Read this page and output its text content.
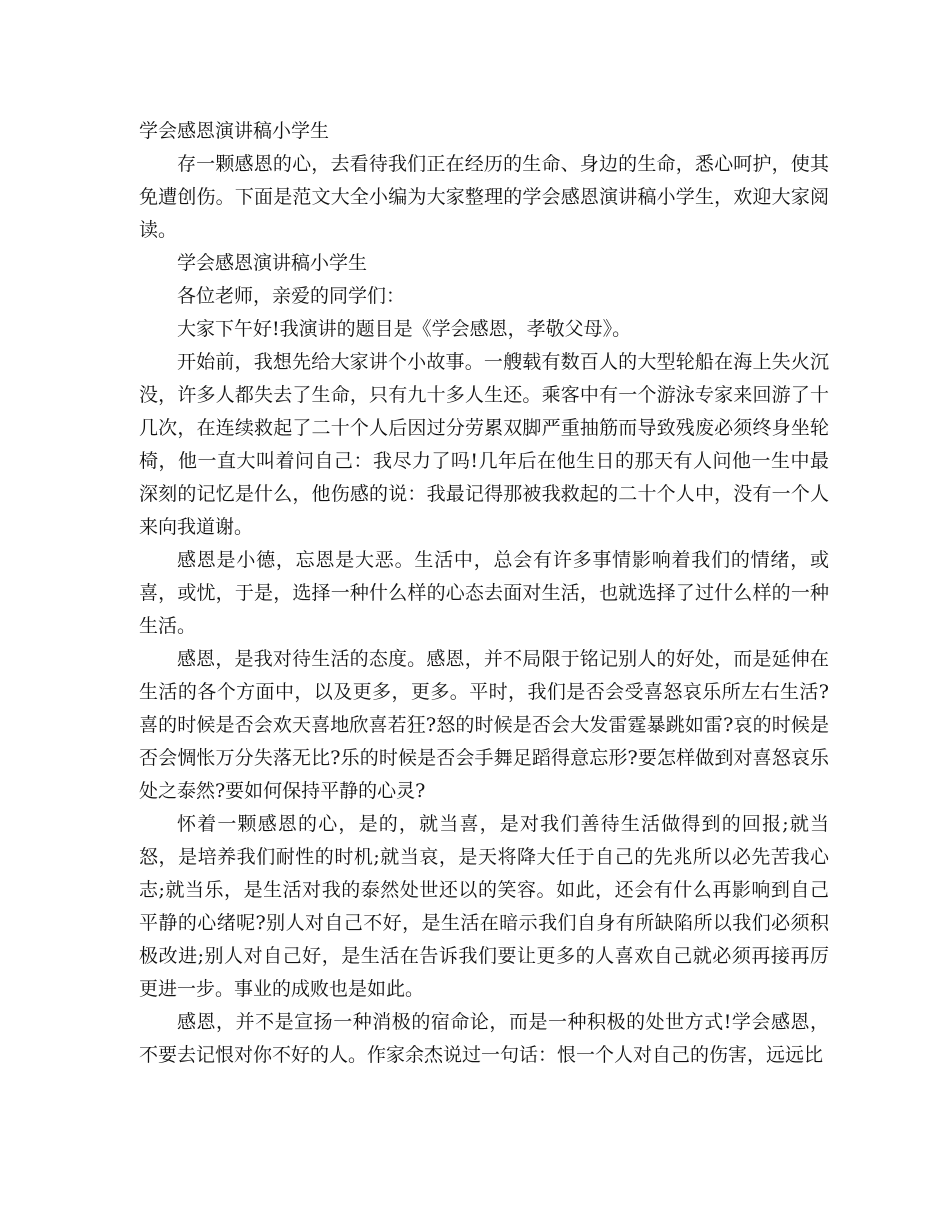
学会感恩演讲稿小学生

存一颗感恩的心，去看待我们正在经历的生命、身边的生命，悉心呵护，使其免遭创伤。下面是范文大全小编为大家整理的学会感恩演讲稿小学生，欢迎大家阅读。

学会感恩演讲稿小学生

各位老师，亲爱的同学们：

大家下午好!我演讲的题目是《学会感恩，孝敬父母》。

开始前，我想先给大家讲个小故事。一艘载有数百人的大型轮船在海上失火沉没，许多人都失去了生命，只有九十多人生还。乘客中有一个游泳专家来回游了十几次，在连续救起了二十个人后因过分劳累双脚严重抽筋而导致残废必须终身坐轮椅，他一直大叫着问自己：我尽力了吗!几年后在他生日的那天有人问他一生中最深刻的记忆是什么，他伤感的说：我最记得那被我救起的二十个人中，没有一个人来向我道谢。

感恩是小德，忘恩是大恶。生活中，总会有许多事情影响着我们的情绪，或喜，或忧，于是，选择一种什么样的心态去面对生活，也就选择了过什么样的一种生活。

感恩，是我对待生活的态度。感恩，并不局限于铭记别人的好处，而是延伸在生活的各个方面中，以及更多，更多。平时，我们是否会受喜怒哀乐所左右生活?喜的时候是否会欢天喜地欣喜若狂?怒的时候是否会大发雷霆暴跳如雷?哀的时候是否会惆怅万分失落无比?乐的时候是否会手舞足蹈得意忘形?要怎样做到对喜怒哀乐处之泰然?要如何保持平静的心灵?

怀着一颗感恩的心，是的，就当喜，是对我们善待生活做得到的回报;就当怒，是培养我们耐性的时机;就当哀，是天将降大任于自己的先兆所以必先苦我心志;就当乐，是生活对我的泰然处世还以的笑容。如此，还会有什么再影响到自己平静的心绪呢?别人对自己不好，是生活在暗示我们自身有所缺陷所以我们必须积极改进;别人对自己好，是生活在告诉我们要让更多的人喜欢自己就必须再接再厉更进一步。事业的成败也是如此。

感恩，并不是宣扬一种消极的宿命论，而是一种积极的处世方式!学会感恩，不要去记恨对你不好的人。作家余杰说过一句话：恨一个人对自己的伤害，远远比
